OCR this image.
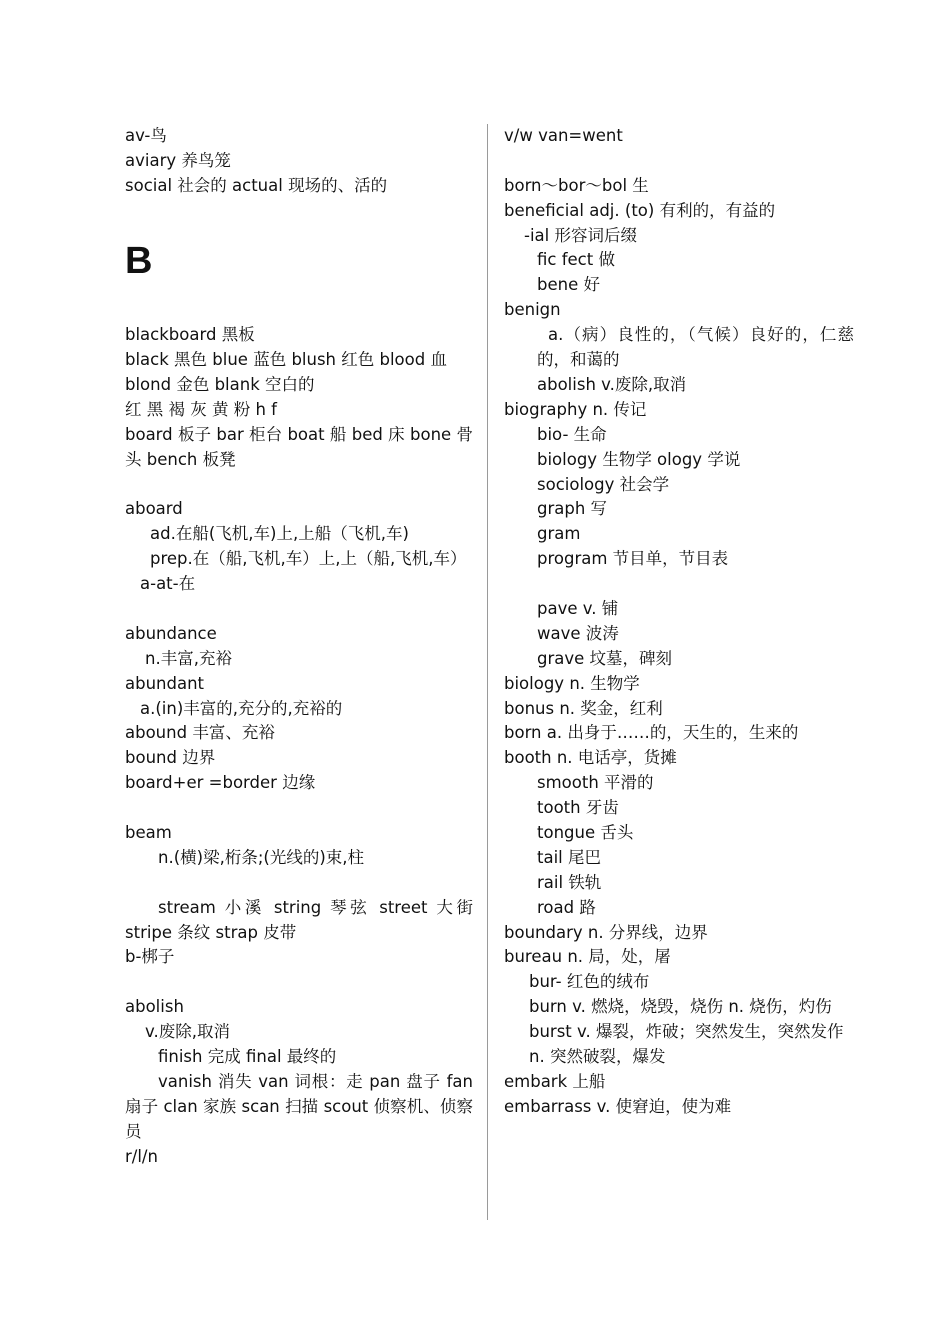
av-鸟
aviary 养鸟笼
social 社会的 actual 现场的、活的
B
blackboard 黑板
black 黑色 blue 蓝色 blush 红色 blood 血
blond 金色 blank 空白的
红 黑 褐 灰 黄 粉 h f
board 板子 bar 柜台 boat 船 bed 床 bone 骨头 bench 板凳
aboard
ad.在船(飞机,车)上,上船（飞机,车)
prep.在（船,飞机,车）上,上（船,飞机,车）
a-at-在
abundance
n.丰富,充裕
abundant
a.(in)丰富的,充分的,充裕的
abound 丰富、充裕
bound 边界
board+er =border 边缘
beam
n.(横)梁,桁条;(光线的)束,柱
stream 小溪 string 琴弦 street 大街 stripe 条纹 strap 皮带
b-梆子
abolish
v.废除,取消
finish 完成 final 最终的
vanish 消失 van 词根：走 pan 盘子 fan 扇子 clan 家族 scan 扫描 scout 侦察机、侦察员
r/l/n
v/w van=went
born～bor～bol 生
beneficial adj. (to) 有利的，有益的
-ial 形容词后缀
fic fect 做
bene 好
benign
a.（病）良性的，（气候）良好的，仁慈的，和蔼的
abolish v.废除,取消
biography n. 传记
bio- 生命
biology 生物学 ology 学说
sociology 社会学
graph 写
gram
program 节目单，节目表
pave v. 铺
wave 波涛
grave 坟墓，碑刻
biology n. 生物学
bonus n. 奖金，红利
born a. 出身于……的，天生的，生来的
booth n. 电话亭，货摊
smooth 平滑的
tooth 牙齿
tongue 舌头
tail 尾巴
rail 铁轨
road 路
boundary n. 分界线，边界
bureau n. 局，处，屠
bur- 红色的绒布
burn v. 燃烧，烧毁，烧伤 n. 烧伤，灼伤
burst v. 爆裂，炸破；突然发生，突然发作
n. 突然破裂，爆发
embark 上船
embarrass v. 使窘迫，使为难
